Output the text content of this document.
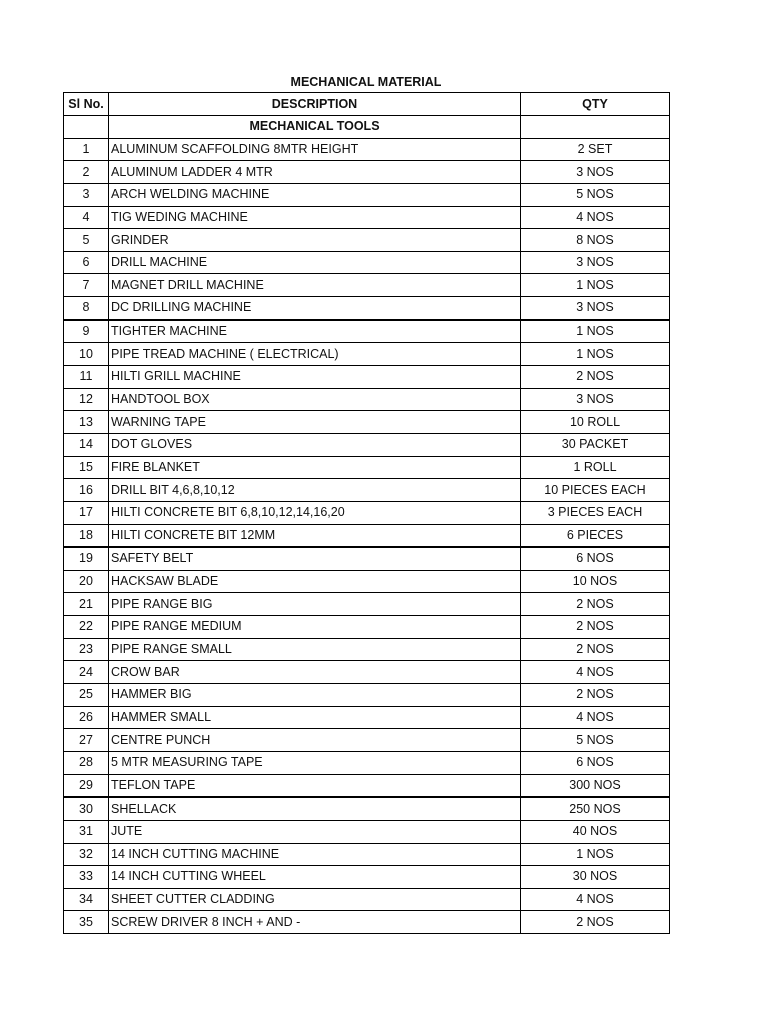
MECHANICAL MATERIAL
Sl No.	DESCRIPTION	QTY
	MECHANICAL TOOLS	
1	ALUMINUM SCAFFOLDING 8MTR HEIGHT	2 SET
2	ALUMINUM LADDER 4 MTR	3 NOS
3	ARCH WELDING MACHINE	5 NOS
4	TIG WEDING MACHINE	4 NOS
5	GRINDER	8 NOS
6	DRILL MACHINE	3 NOS
7	MAGNET DRILL MACHINE	1 NOS
8	DC DRILLING MACHINE	3 NOS
9	TIGHTER MACHINE	1 NOS
10	PIPE TREAD MACHINE ( ELECTRICAL)	1 NOS
11	HILTI GRILL MACHINE	2 NOS
12	HANDTOOL BOX	3 NOS
13	WARNING TAPE	10 ROLL
14	DOT GLOVES	30 PACKET
15	FIRE BLANKET	1 ROLL
16	DRILL BIT 4,6,8,10,12	10 PIECES EACH
17	HILTI CONCRETE BIT 6,8,10,12,14,16,20	3 PIECES EACH
18	HILTI CONCRETE BIT 12MM	6 PIECES
19	SAFETY BELT	6 NOS
20	HACKSAW BLADE	10 NOS
21	PIPE RANGE BIG	2 NOS
22	PIPE RANGE MEDIUM	2 NOS
23	PIPE RANGE SMALL	2 NOS
24	CROW BAR	4 NOS
25	HAMMER BIG	2 NOS
26	HAMMER SMALL	4 NOS
27	CENTRE PUNCH	5 NOS
28	5 MTR MEASURING TAPE	6 NOS
29	TEFLON TAPE	300 NOS
30	SHELLACK	250 NOS
31	JUTE	40 NOS
32	14 INCH CUTTING MACHINE	1 NOS
33	14 INCH CUTTING WHEEL	30 NOS
34	SHEET CUTTER CLADDING	4 NOS
35	SCREW DRIVER 8 INCH + AND -	2 NOS
